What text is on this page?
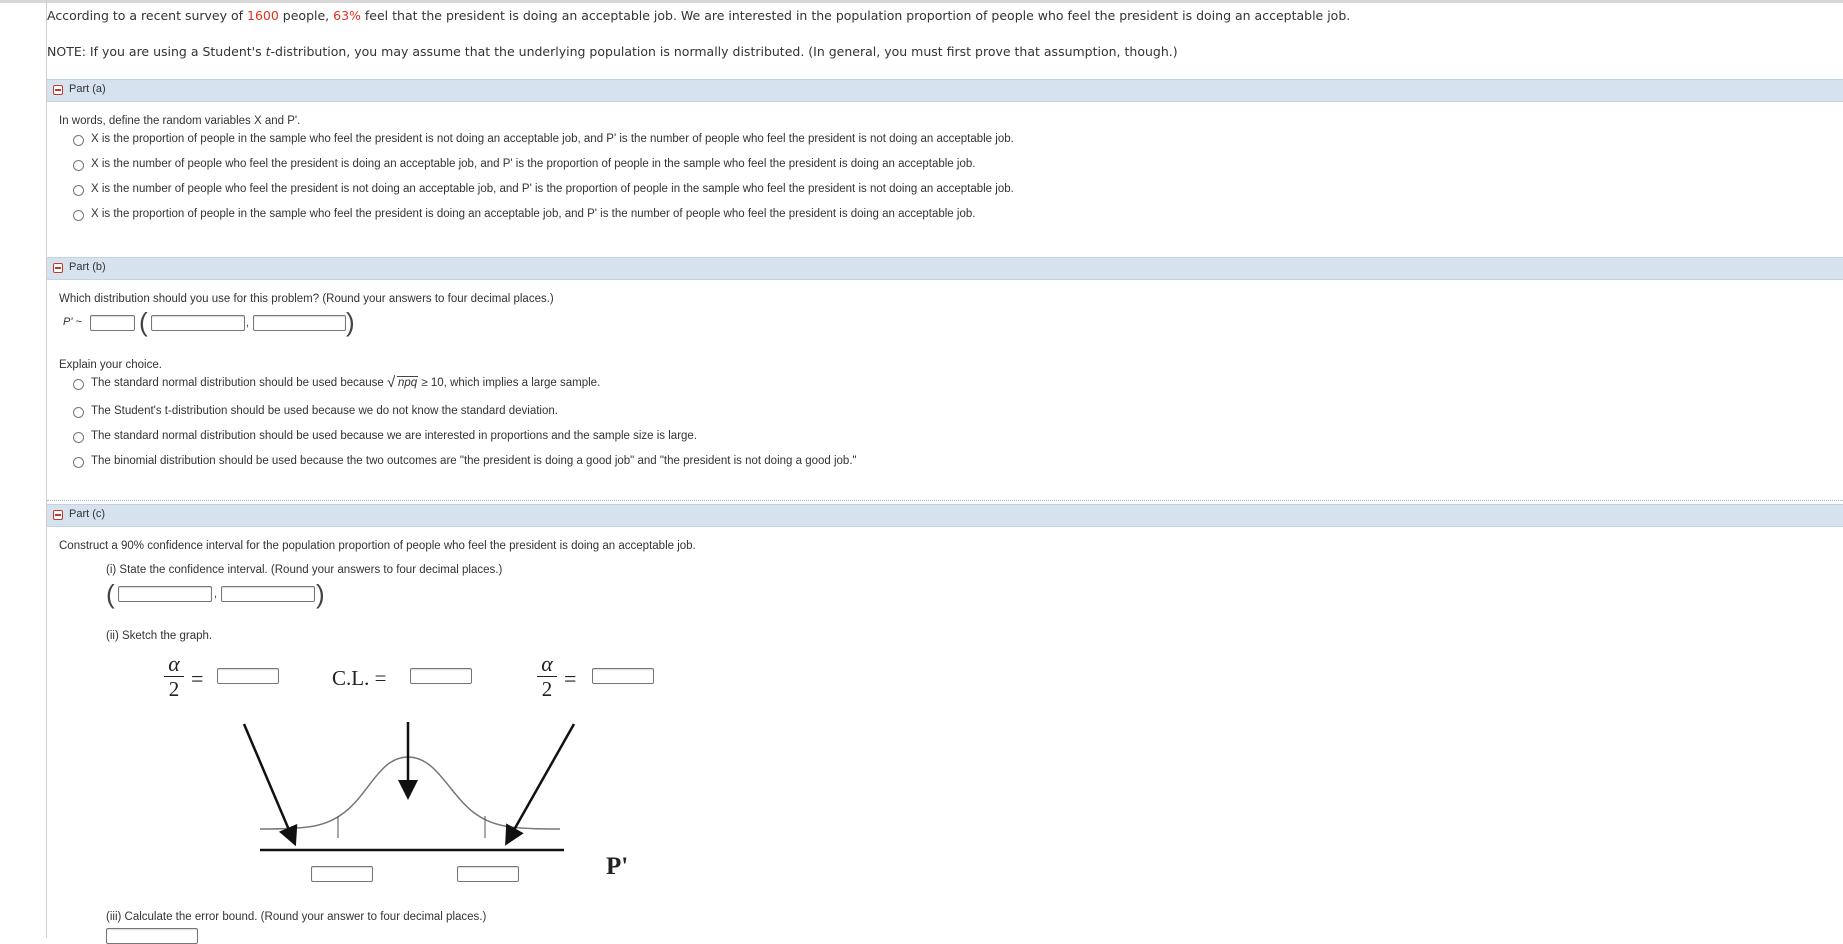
According to a recent survey of 1600 people, 63% feel that the president is doing an acceptable job. We are interested in the population proportion of people who feel the president is doing an acceptable job.
NOTE: If you are using a Student's t-distribution, you may assume that the underlying population is normally distributed. (In general, you must first prove that assumption, though.)
Part (a)
In words, define the random variables X and P'.
X is the proportion of people in the sample who feel the president is not doing an acceptable job, and P' is the number of people who feel the president is not doing an acceptable job.
X is the number of people who feel the president is doing an acceptable job, and P' is the proportion of people in the sample who feel the president is doing an acceptable job.
X is the number of people who feel the president is not doing an acceptable job, and P' is the proportion of people in the sample who feel the president is not doing an acceptable job.
X is the proportion of people in the sample who feel the president is doing an acceptable job, and P' is the number of people who feel the president is doing an acceptable job.
Part (b)
Which distribution should you use for this problem? (Round your answers to four decimal places.)
P' ~ (	,	)
Explain your choice.
The standard normal distribution should be used because √ npq ≥ 10, which implies a large sample.
The Student's t-distribution should be used because we do not know the standard deviation.
The standard normal distribution should be used because we are interested in proportions and the sample size is large.
The binomial distribution should be used because the two outcomes are "the president is doing a good job" and "the president is not doing a good job."
Part (c)
Construct a 90% confidence interval for the population proportion of people who feel the president is doing an acceptable job.
(i) State the confidence interval. (Round your answers to four decimal places.)
(	,	)
(ii) Sketch the graph.
α
2 =	C.L. =
α
2 =
P'
(iii) Calculate the error bound. (Round your answer to four decimal places.)
